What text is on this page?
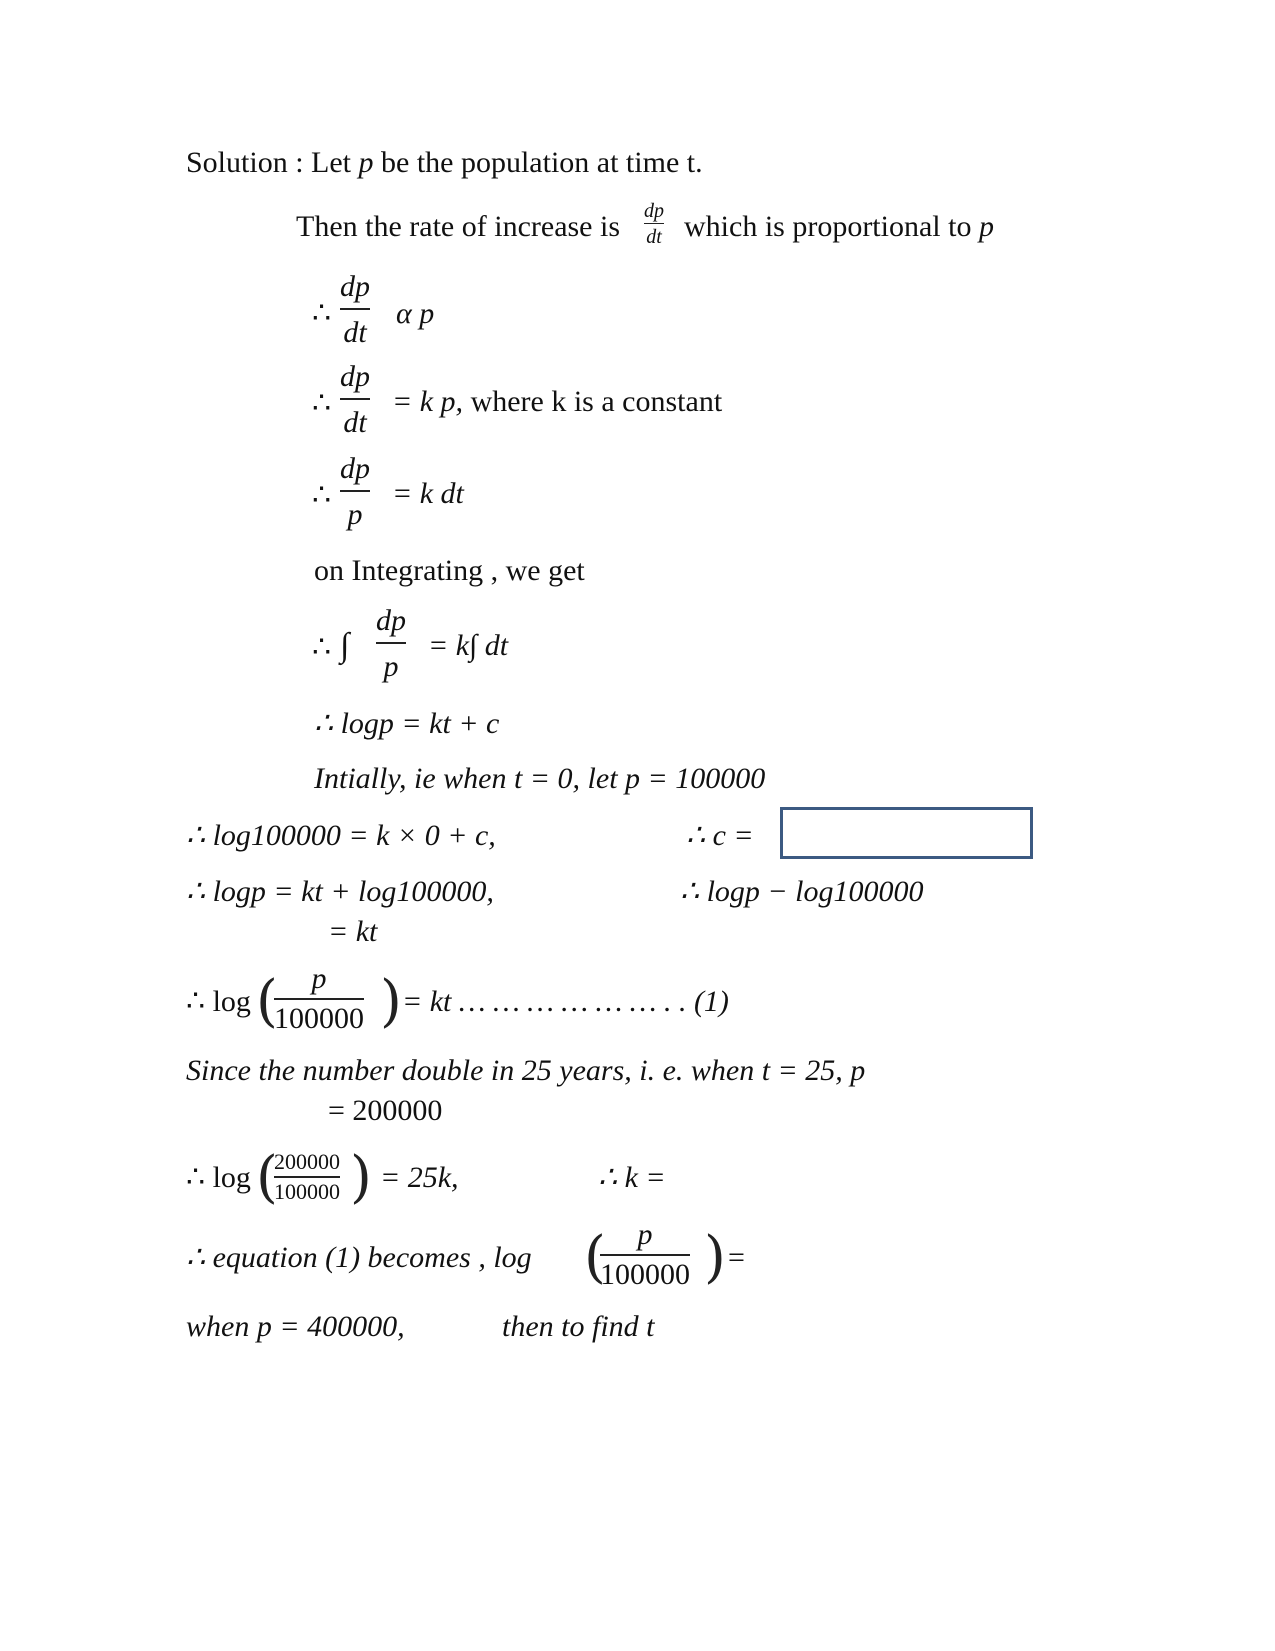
Solution : Let p be the population at time t.
Then the rate of increase is dp
dt which is proportional to p
∴
dp
dt
α p
∴
dp
dt
= k p, where k is a constant
∴
dp
p
= k dt
on Integrating , we get
∴ ∫
dp
p
= k∫ dt
∴ logp = kt + c
Intially, ie when t = 0, let p = 100000
∴ log100000 = k × 0 + c,	∴ c =
∴ logp = kt + log100000,	∴ logp − log100000
= kt
∴ log ( p
100000 ) = kt … … … … … … . . (1)
Since the number double in 25 years, i. e. when t = 25, p
= 200000
∴ log (
200000
100000 ) = 25k,	∴ k =
∴ equation (1) becomes , log ( p
100000 ) =
when p = 400000,	then to find t
